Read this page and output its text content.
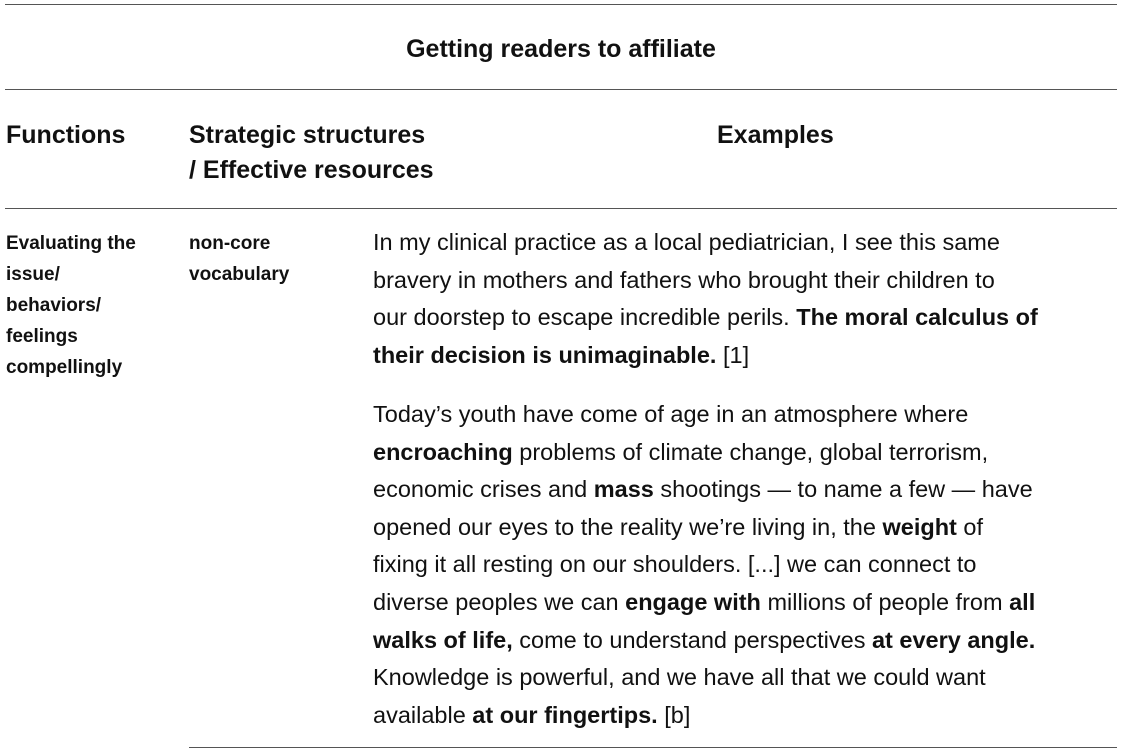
Getting readers to affiliate
Functions	Strategic structures
/ Effective resources
Examples
Evaluating the
issue/
behaviors/
feelings
compellingly
non-core
vocabulary
In my clinical practice as a local pediatrician, I see this same
bravery in mothers and fathers who brought their children to
our doorstep to escape incredible perils. The moral calculus of
their decision is unimaginable. [1]
Today’s youth have come of age in an atmosphere where
encroaching problems of climate change, global terrorism,
economic crises and mass shootings — to name a few — have
opened our eyes to the reality we’re living in, the weight of
fixing it all resting on our shoulders. [...] we can connect to
diverse peoples we can engage with millions of people from all
walks of life, come to understand perspectives at every angle.
Knowledge is powerful, and we have all that we could want
available at our fingertips. [b]
